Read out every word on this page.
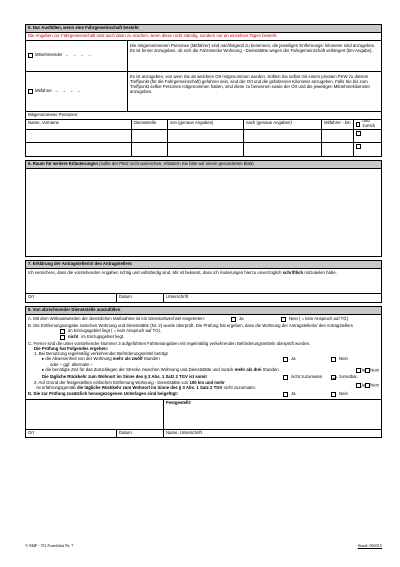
5. Nur Ausfüllen, wenn eine Fahrgemeinschaft besteht
Die Angaben zur Fahrgemeinschaft sind auch dann zu machen, wenn diese nicht ständig, sondern nur an einzelnen Tagen besteht.
Mitnehmender → → → →
Die mitgenommenen Personen (Mitfahrer) sind nachfolgend zu benennen, die jeweiligen Entfernungs- kilometer sind anzugeben. Es ist ferner anzugeben, ob sich die Fahrstrecke Wohnung - Dienststätte wegen der Fahrgemeinschaft verlängert (km-Angabe).
Mitfahrer → → → →
Es ist anzugeben, von wem Sie ab welchem Ort mitgenommen wurden. Sollten Sie selbst mit einem privaten PKW zu diesem Treffpunkt (für die Fahrgemeinschaft) gefahren sein, sind der Ort und die gefahrenen Kilometer anzugeben. Falls Sie bis zum Treffpunkt selbst Personen mitgenommen haben, sind diese zu benennen sowie der Ort und die jeweiligen Mitnehmekilometer anzugeben.
Mitgenommene Personen:
Name, Vorname	Dienststelle	von (genaue Angaben)	nach (genaue Angaben)	Mitfahrer - km	und zurück
6. Raum für weitere Erläuterungen (sollte der Platz nicht ausreichen, erläutern Sie bitte auf einem gesonderten Blatt)
7. Erklärung der Antragstellerin/ des Antragstellers
Ich versichere, dass die vorstehenden Angaben richtig und vollständig sind. Mir ist bekannt, dass ich Änderungen hierzu unverzüglich schriftlich mitzuteilen habe.
Ort	Datum	Unterschrift
8. Von abrechnender Dienststelle auszufüllen
A. Mit dem Wirksamwerden der dienstlichen Maßnahme ist ein Dienstortwechsel eingetreten:	Ja	Nein ( = kein Anspruch auf TG)
B. Die Entfernungsangabe zwischen Wohnung und Dienststätte (Nr. 2) wurde überprüft. Die Prüfung hat ergeben, dass die Wohnung der Antragstellerin/ des Antragstellers
im Einzugsgebiet liegt ( = kein Anspruch auf TG).
nicht im Einzugsgebiet liegt.
C. Ferner sind die unter vorstehender Nummer 3 aufgeführten Fahrtenangaben mit regelmäßig verkehrenden Beförderungsmitteln überprüft worden.
Die Prüfung hat Folgendes ergeben:
1. Bei Benutzung regelmäßig verkehrender Beförderungsmittel beträgt
▸ die Abwesenheit von der Wohnung mehr als zwölf Stunden	Ja	Nein
oder – ggf. alternativ –
▸ die benötigte Zeit für das Zurücklegen der Strecke zwischen Wohnung und Dienststätte und zurück mehr als drei Stunden	Ja	Nein
Die tägliche Rückkehr zum Wohnort im Sinne des § 3 Abs. 1 Satz 2 TGV ist somit	nicht zuzumuten	zumutbar.
2. Auf Grund der festgestellten einfachen Entfernung Wohnung - Dienststätte von 100 km und mehr
ist erfahrungsgemäß die tägliche Rückkehr zum Wohnort im Sinne des § 3 Abs. 1 Satz 2 TGV nicht zuzumuten.	Ja	Nein
D. Die zur Prüfung zusätzlich herangezogenen Unterlagen sind beigefügt:	Ja	Nein
Festgestellt:
Ort	Datum	Name, Unterschrift
© MdF - TG Formblatt Nr. 7	Stand: 060315
